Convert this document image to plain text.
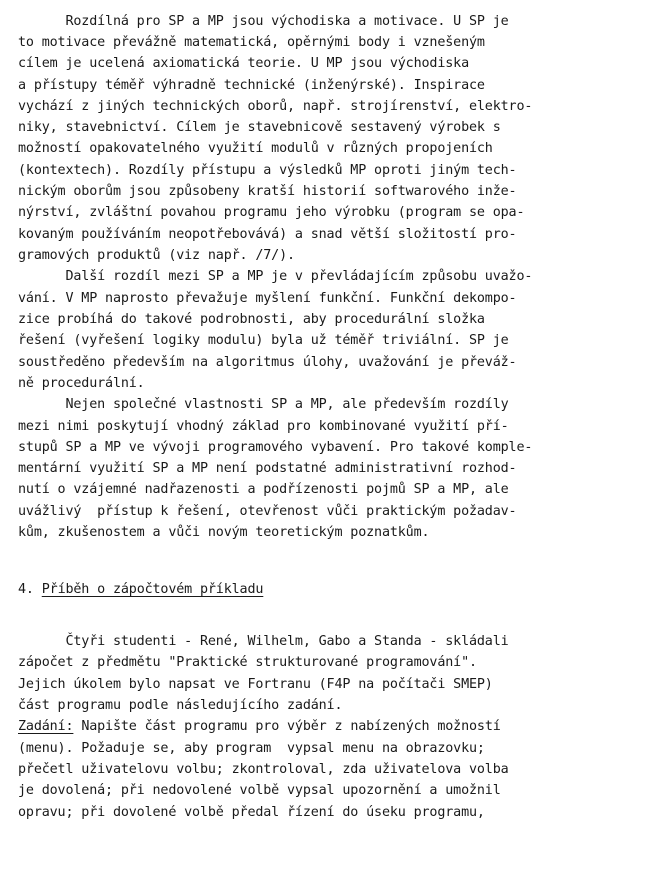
Rozdílná pro SP a MP jsou východiska a motivace. U SP je
to motivace převážně matematická, opěrnými body i vznešeným
cílem je ucelená axiomatická teorie. U MP jsou východiska
a přístupy téměř výhradně technické (inženýrské). Inspirace
vychází z jiných technických oborů, např. strojírenství, elektro-
niky, stavebnictví. Cílem je stavebnicově sestavený výrobek s
možností opakovatelného využití modulů v různých propojeních
(kontextech). Rozdíly přístupu a výsledků MP oproti jiným tech-
nickým oborům jsou způsobeny kratší historií softwarového inže-
nýrství, zvláštní povahou programu jeho výrobku (program se opa-
kovaným používáním neopotřebovává) a snad větší složitostí pro-
gramových produktů (viz např. /7/).
Další rozdíl mezi SP a MP je v převládajícím způsobu uvažo-
vání. V MP naprosto převažuje myšlení funkční. Funkční dekompo-
zice probíhá do takové podrobnosti, aby procedurální složka
řešení (vyřešení logiky modulu) byla už téměř triviální. SP je
soustředěno především na algoritmus úlohy, uvažování je převáž-
ně procedurální.
Nejen společné vlastnosti SP a MP, ale především rozdíly
mezi nimi poskytují vhodný základ pro kombinované využití pří-
stupů SP a MP ve vývoji programového vybavení. Pro takové komple-
mentární využití SP a MP není podstatné administrativní rozhod-
nutí o vzájemné nadřazenosti a podřízenosti pojmů SP a MP, ale
uvážlivý  přístup k řešení, otevřenost vůči praktickým požadav-
kům, zkušenostem a vůči novým teoretickým poznatkům.
4. Příběh o zápočtovém příkladu
Čtyři studenti - René, Wilhelm, Gabo a Standa - skládali
zápočet z předmětu "Praktické strukturované programování".
Jejich úkolem bylo napsat ve Fortranu (F4P na počítači SMEP)
část programu podle následujícího zadání.
Zadání: Napište část programu pro výběr z nabízených možností
(menu). Požaduje se, aby program  vypsal menu na obrazovku;
přečetl uživatelovu volbu; zkontroloval, zda uživatelova volba
je dovolená; při nedovolené volbě vypsal upozornění a umožnil
opravu; při dovolené volbě předal řízení do úseku programu,
